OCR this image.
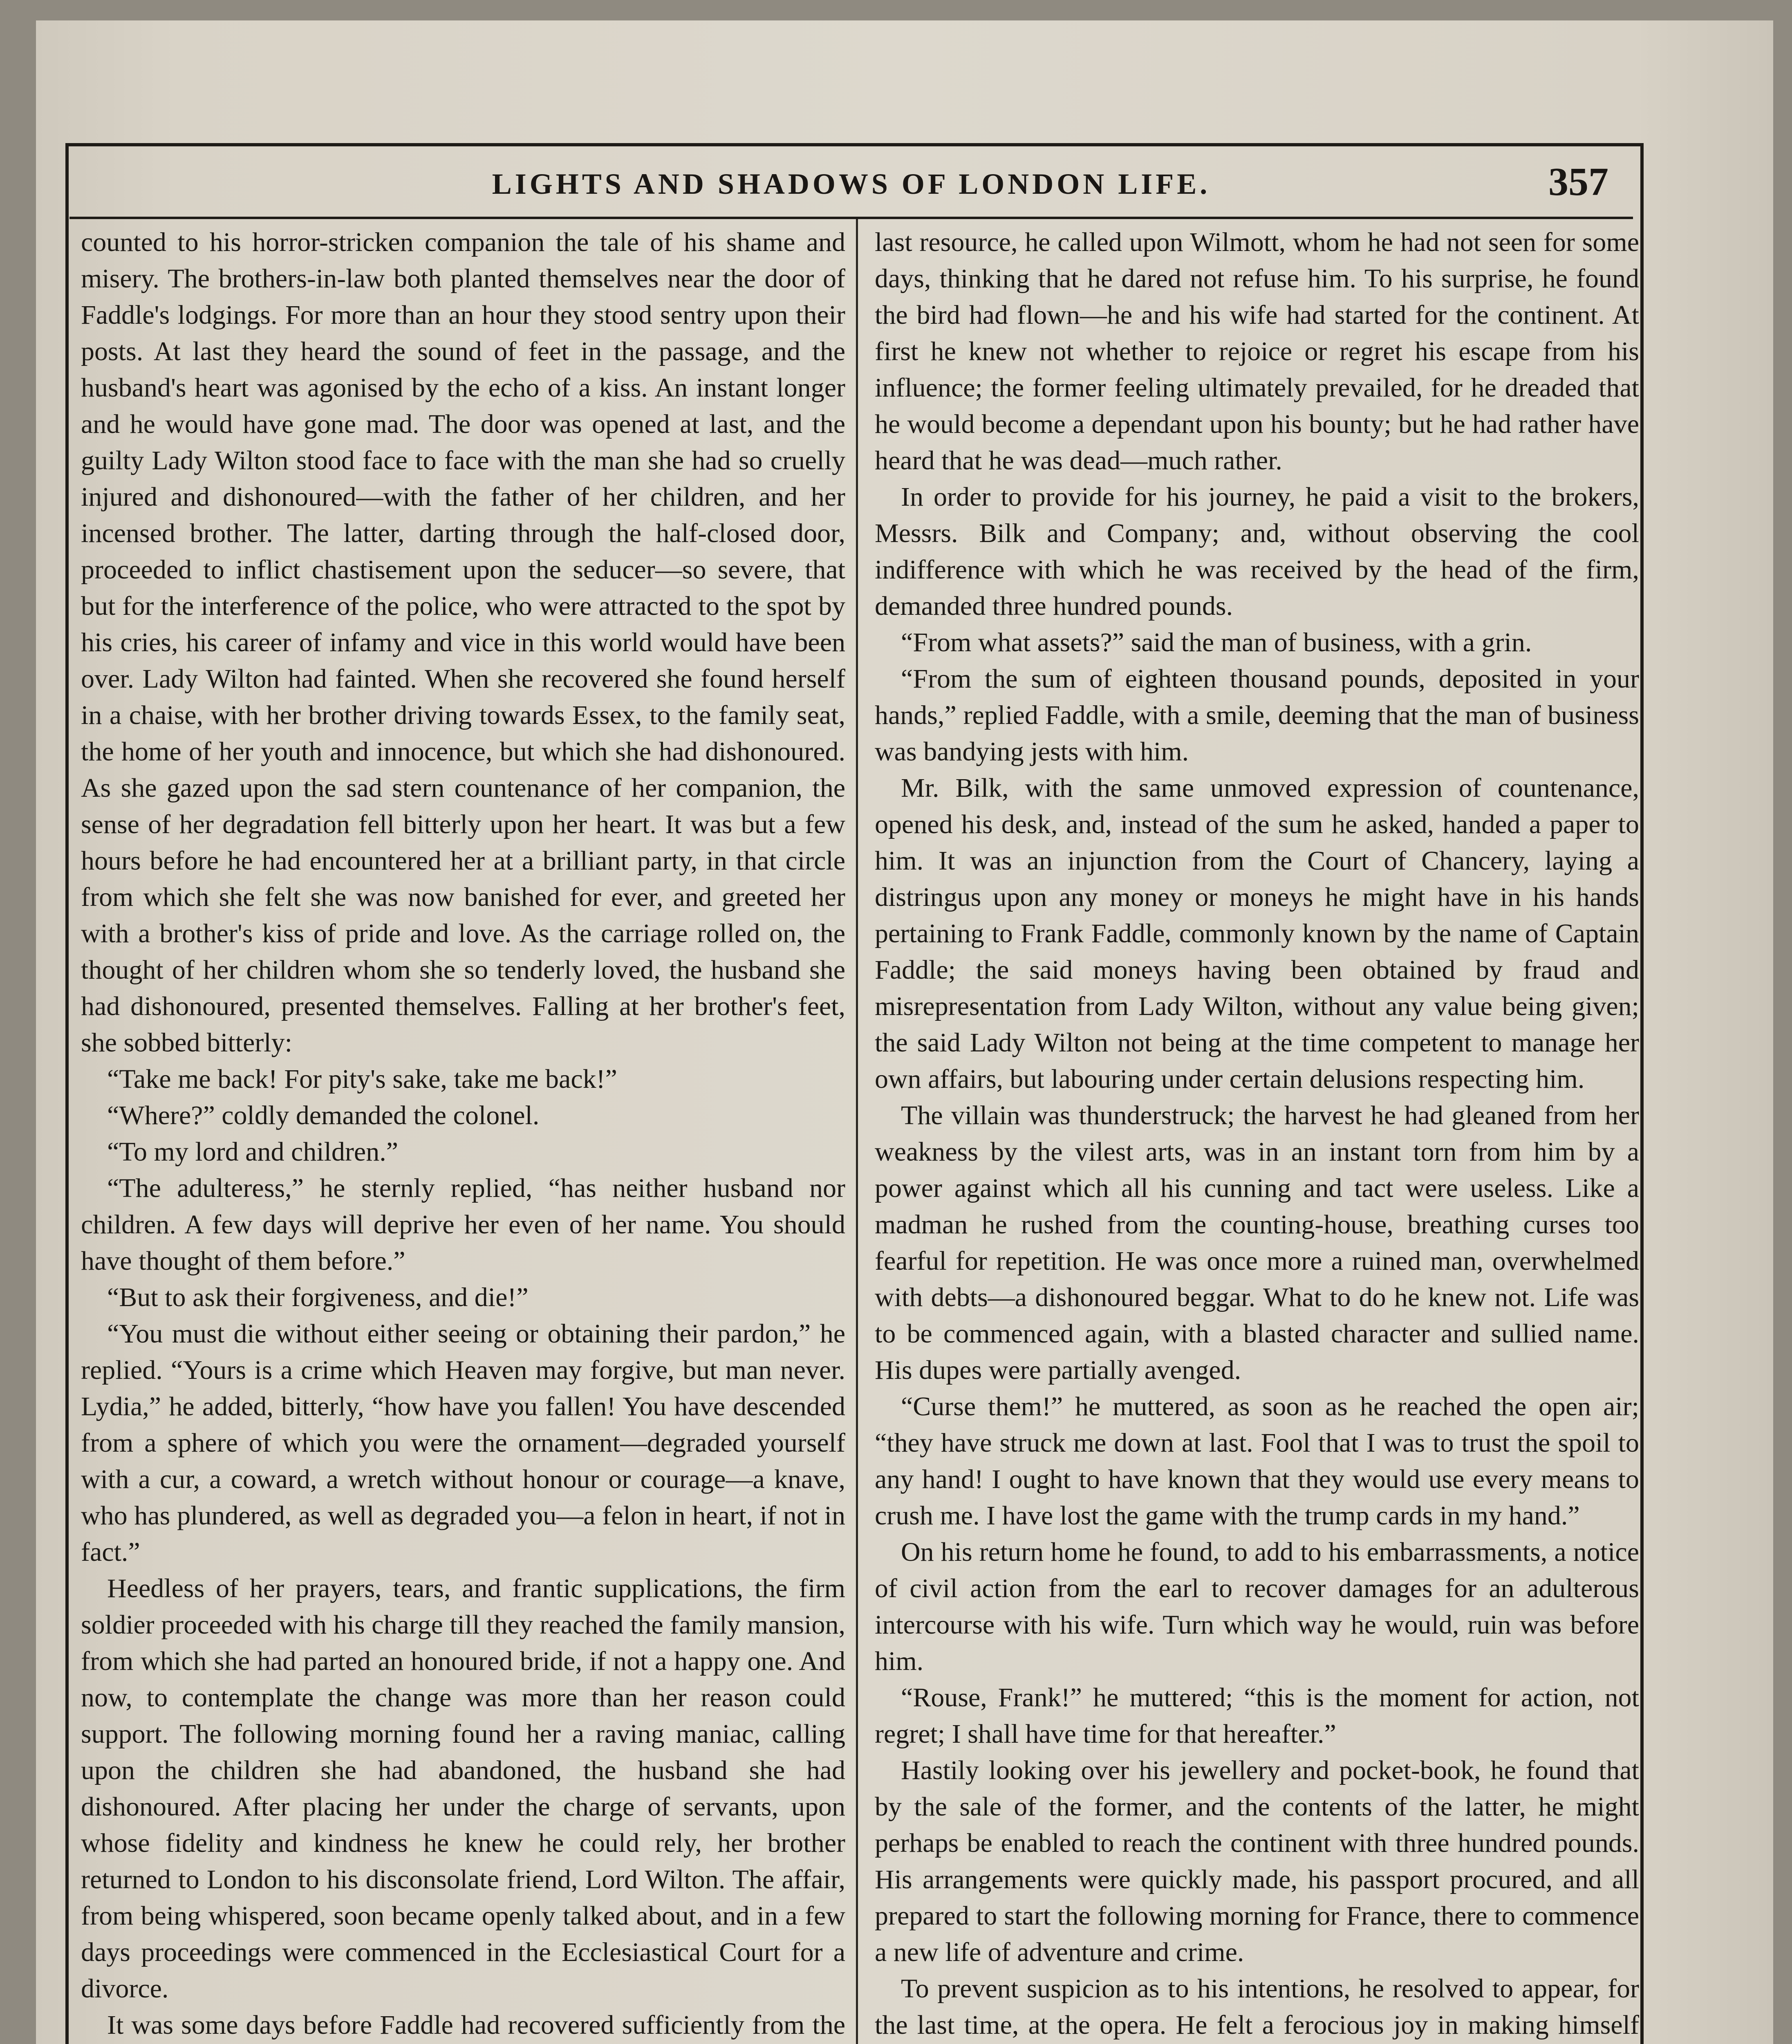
LIGHTS AND SHADOWS OF LONDON LIFE.	357

counted to his horror-stricken companion the tale of his shame and misery. The brothers-in-law both planted themselves near the door of Faddle's lodgings. For more than an hour they stood sentry upon their posts. At last they heard the sound of feet in the passage, and the husband's heart was agonised by the echo of a kiss. An instant longer and he would have gone mad. The door was opened at last, and the guilty Lady Wilton stood face to face with the man she had so cruelly injured and dishonoured—with the father of her children, and her incensed brother. The latter, darting through the half-closed door, proceeded to inflict chastisement upon the seducer—so severe, that but for the interference of the police, who were attracted to the spot by his cries, his career of infamy and vice in this world would have been over. Lady Wilton had fainted. When she recovered she found herself in a chaise, with her brother driving towards Essex, to the family seat, the home of her youth and innocence, but which she had dishonoured. As she gazed upon the sad stern countenance of her companion, the sense of her degradation fell bitterly upon her heart. It was but a few hours before he had encountered her at a brilliant party, in that circle from which she felt she was now banished for ever, and greeted her with a brother's kiss of pride and love. As the carriage rolled on, the thought of her children whom she so tenderly loved, the husband she had dishonoured, presented themselves. Falling at her brother's feet, she sobbed bitterly:

“Take me back! For pity's sake, take me back!”

“Where?” coldly demanded the colonel.

“To my lord and children.”

“The adulteress,” he sternly replied, “has neither husband nor children. A few days will deprive her even of her name. You should have thought of them before.”

“But to ask their forgiveness, and die!”

“You must die without either seeing or obtaining their pardon,” he replied. “Yours is a crime which Heaven may forgive, but man never. Lydia,” he added, bitterly, “how have you fallen! You have descended from a sphere of which you were the ornament—degraded yourself with a cur, a coward, a wretch without honour or courage—a knave, who has plundered, as well as degraded you—a felon in heart, if not in fact.”

Heedless of her prayers, tears, and frantic supplications, the firm soldier proceeded with his charge till they reached the family mansion, from which she had parted an honoured bride, if not a happy one. And now, to contemplate the change was more than her reason could support. The following morning found her a raving maniac, calling upon the children she had abandoned, the husband she had dishonoured. After placing her under the charge of servants, upon whose fidelity and kindness he knew he could rely, her brother returned to London to his disconsolate friend, Lord Wilton. The affair, from being whispered, soon became openly talked about, and in a few days proceedings were commenced in the Ecclesiastical Court for a divorce.

It was some days before Faddle had recovered sufficiently from the

last resource, he called upon Wilmott, whom he had not seen for some days, thinking that he dared not refuse him. To his surprise, he found the bird had flown—he and his wife had started for the continent. At first he knew not whether to rejoice or regret his escape from his influence; the former feeling ultimately prevailed, for he dreaded that he would become a dependant upon his bounty; but he had rather have heard that he was dead—much rather.

In order to provide for his journey, he paid a visit to the brokers, Messrs. Bilk and Company; and, without observing the cool indifference with which he was received by the head of the firm, demanded three hundred pounds.

“From what assets?” said the man of business, with a grin.

“From the sum of eighteen thousand pounds, deposited in your hands,” replied Faddle, with a smile, deeming that the man of business was bandying jests with him.

Mr. Bilk, with the same unmoved expression of countenance, opened his desk, and, instead of the sum he asked, handed a paper to him. It was an injunction from the Court of Chancery, laying a distringus upon any money or moneys he might have in his hands pertaining to Frank Faddle, commonly known by the name of Captain Faddle; the said moneys having been obtained by fraud and misrepresentation from Lady Wilton, without any value being given; the said Lady Wilton not being at the time competent to manage her own affairs, but labouring under certain delusions respecting him.

The villain was thunderstruck; the harvest he had gleaned from her weakness by the vilest arts, was in an instant torn from him by a power against which all his cunning and tact were useless. Like a madman he rushed from the counting-house, breathing curses too fearful for repetition. He was once more a ruined man, overwhelmed with debts—a dishonoured beggar. What to do he knew not. Life was to be commenced again, with a blasted character and sullied name. His dupes were partially avenged.

“Curse them!” he muttered, as soon as he reached the open air; “they have struck me down at last. Fool that I was to trust the spoil to any hand! I ought to have known that they would use every means to crush me. I have lost the game with the trump cards in my hand.”

On his return home he found, to add to his embarrassments, a notice of civil action from the earl to recover damages for an adulterous intercourse with his wife. Turn which way he would, ruin was before him.

“Rouse, Frank!” he muttered; “this is the moment for action, not regret; I shall have time for that hereafter.”

Hastily looking over his jewellery and pocket-book, he found that by the sale of the former, and the contents of the latter, he might perhaps be enabled to reach the continent with three hundred pounds. His arrangements were quickly made, his passport procured, and all prepared to start the following morning for France, there to commence a new life of adventure and crime.

To prevent suspicion as to his intentions, he resolved to appear, for the last time, at the opera. He felt a ferocious joy in making himself
